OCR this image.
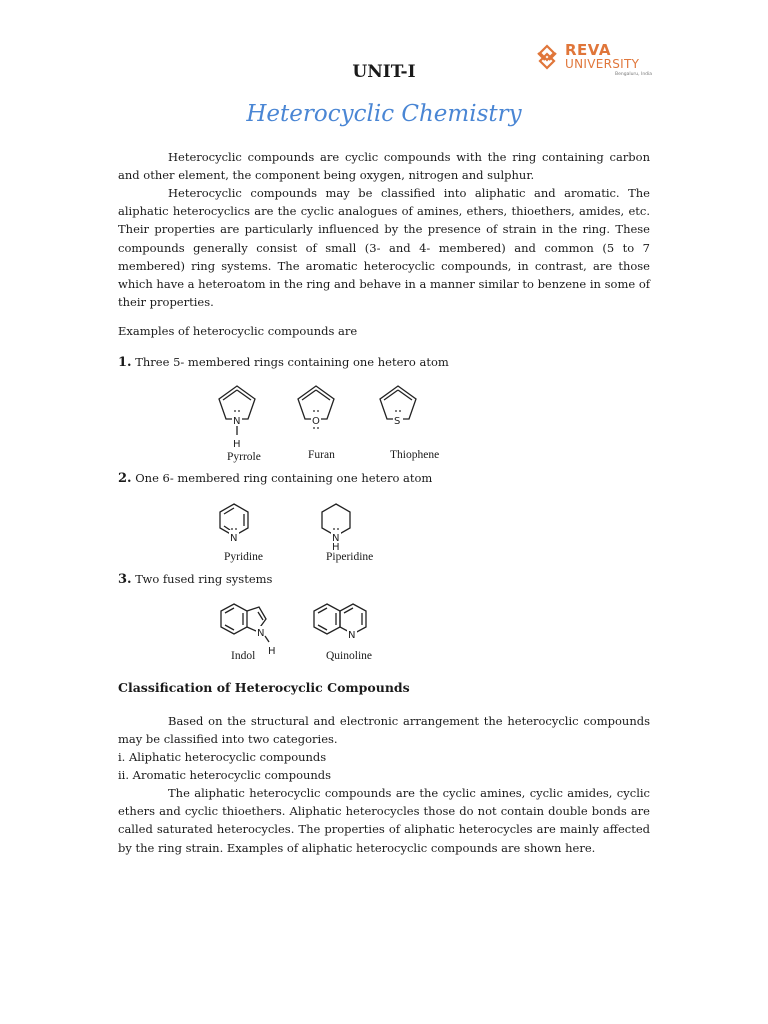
REVA
UNIVERSITY
Bengaluru, India
UNIT-I
Heterocyclic Chemistry

Heterocyclic compounds are cyclic compounds with the ring containing carbon and other element, the component being oxygen, nitrogen and sulphur.

Heterocyclic compounds may be classified into aliphatic and aromatic. The aliphatic heterocyclics are the cyclic analogues of amines, ethers, thioethers, amides, etc. Their properties are particularly influenced by the presence of strain in the ring. These compounds generally consist of small (3- and 4- membered) and common (5 to 7 membered) ring systems. The aromatic heterocyclic compounds, in contrast, are those which have a heteroatom in the ring and behave in a manner similar to benzene in some of their properties.

Examples of heterocyclic compounds are
1. Three 5- membered rings containing one hetero atom
N
H
Pyrrole
O
Furan
S
Thiophene
2. One 6- membered ring containing one hetero atom
N
Pyridine
N
H
Piperidine
3. Two fused ring systems
N
H
Indol
N
Quinoline
Classification of Heterocyclic Compounds

Based on the structural and electronic arrangement the heterocyclic compounds may be classified into two categories.

i. Aliphatic heterocyclic compounds
ii. Aromatic heterocyclic compounds

The aliphatic heterocyclic compounds are the cyclic amines, cyclic amides, cyclic ethers and cyclic thioethers. Aliphatic heterocycles those do not contain double bonds are called saturated heterocycles. The properties of aliphatic heterocycles are mainly affected by the ring strain. Examples of aliphatic heterocyclic compounds are shown here.
